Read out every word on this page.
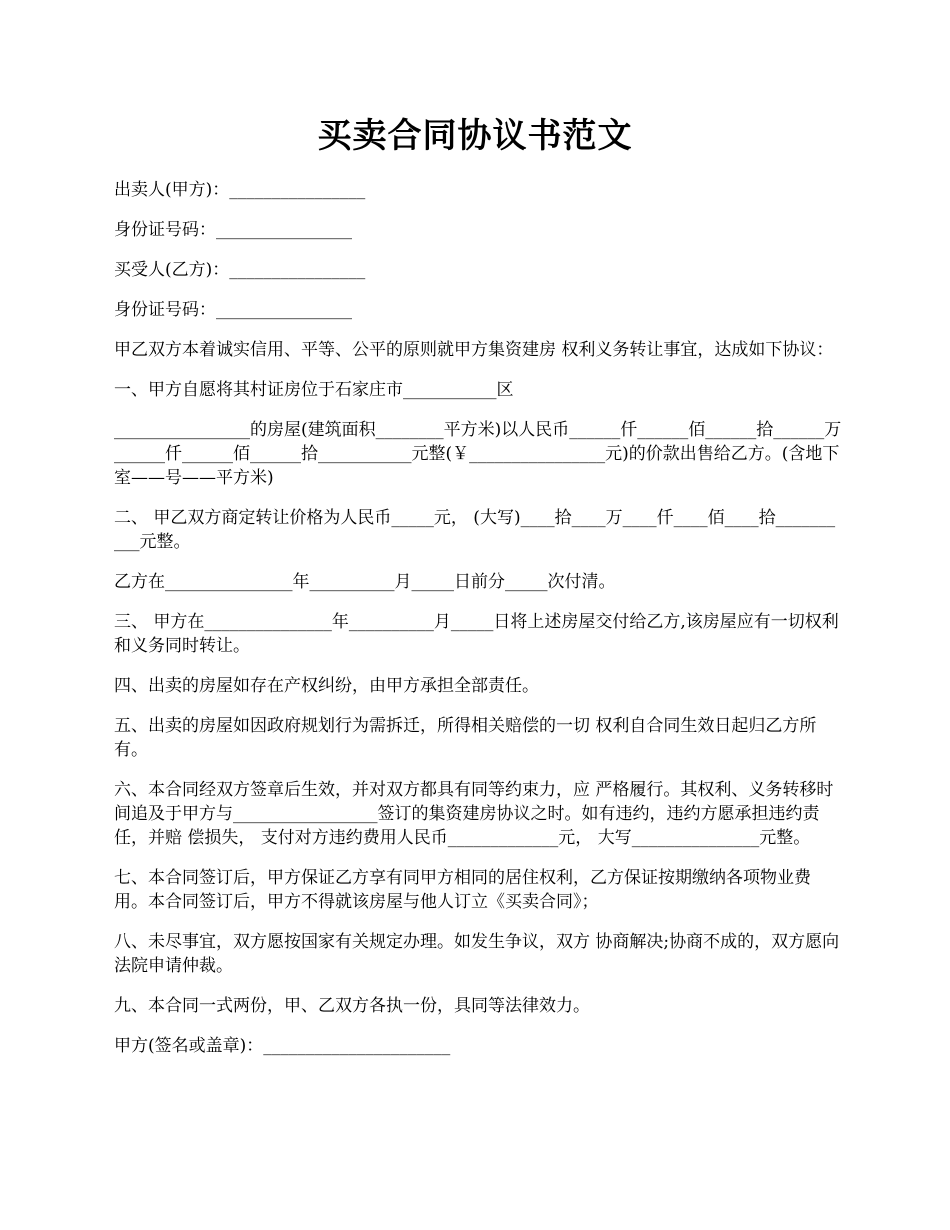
买卖合同协议书范文

出卖人(甲方)：________________

身份证号码：________________

买受人(乙方)：________________

身份证号码：________________

甲乙双方本着诚实信用、平等、公平的原则就甲方集资建房 权利义务转让事宜，达成如下协议：

一、甲方自愿将其村证房位于石家庄市___________区

________________的房屋(建筑面积________平方米)以人民币______仟______佰______拾______万______仟______佰______拾___________元整(￥________________元)的价款出售给乙方。(含地下室——号——平方米)

二、 甲乙双方商定转让价格为人民币_____元， (大写)____拾____万____仟____佰____拾__________元整。

乙方在_______________年__________月_____日前分_____次付清。

三、 甲方在_______________年__________月_____日将上述房屋交付给乙方,该房屋应有一切权利和义务同时转让。

四、出卖的房屋如存在产权纠纷，由甲方承担全部责任。

五、出卖的房屋如因政府规划行为需拆迁，所得相关赔偿的一切 权利自合同生效日起归乙方所有。

六、本合同经双方签章后生效，并对双方都具有同等约束力，应 严格履行。其权利、义务转移时间追及于甲方与_________________签订的集资建房协议之时。如有违约，违约方愿承担违约责任，并赔 偿损失， 支付对方违约费用人民币_____________元， 大写_______________元整。

七、本合同签订后，甲方保证乙方享有同甲方相同的居住权利，乙方保证按期缴纳各项物业费用。本合同签订后，甲方不得就该房屋与他人订立《买卖合同》；

八、未尽事宜，双方愿按国家有关规定办理。如发生争议，双方 协商解决;协商不成的，双方愿向法院申请仲裁。

九、本合同一式两份，甲、乙双方各执一份，具同等法律效力。

甲方(签名或盖章)：______________________
